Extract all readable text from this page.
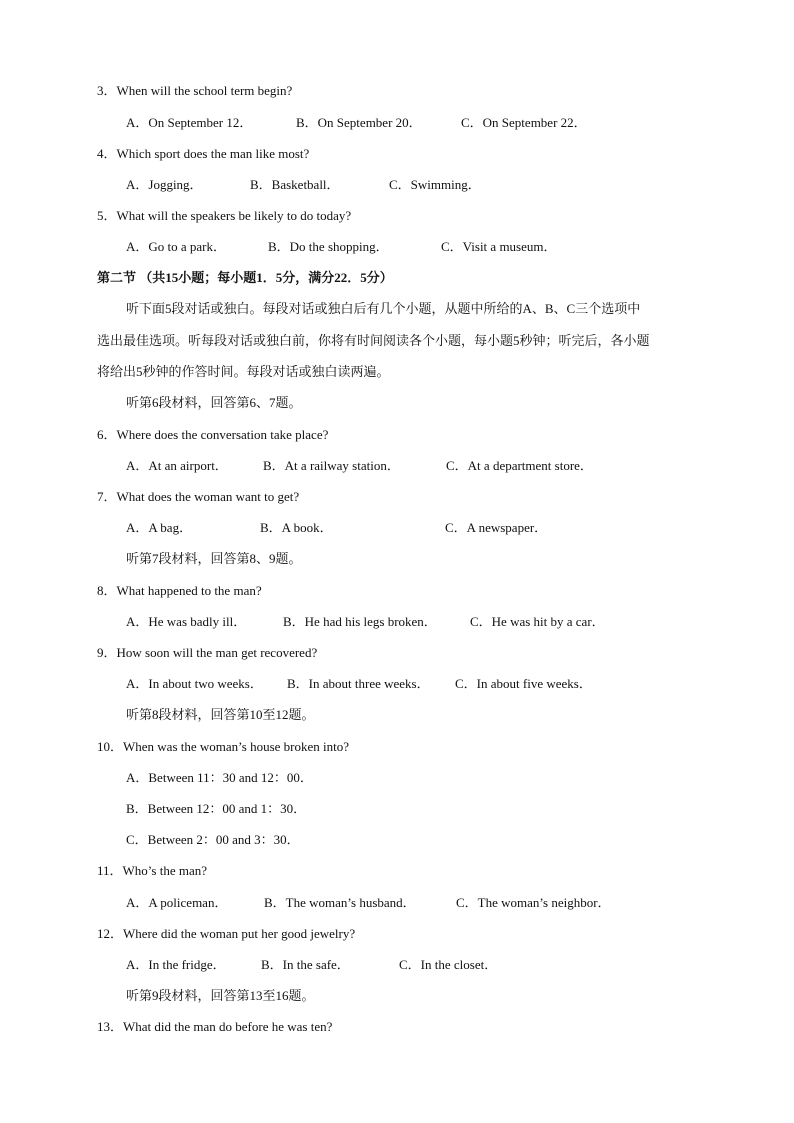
3．When will the school term begin?
A．On September 12．	B．On September 20．	C．On September 22．
4．Which sport does the man like most?
A．Jogging．	B．Basketball．	C．Swimming．
5．What will the speakers be likely to do today?
A．Go to a park．	B．Do the shopping．	C．Visit a museum．
第二节 （共15小题；每小题1．5分，满分22．5分）
听下面5段对话或独白。每段对话或独白后有几个小题，从题中所给的A、B、C三个选项中
选出最佳选项。听每段对话或独白前，你将有时间阅读各个小题，每小题5秒钟；听完后，各小题
将给出5秒钟的作答时间。每段对话或独白读两遍。
听第6段材料，回答第6、7题。
6．Where does the conversation take place?
A．At an airport．	B．At a railway station．	C．At a department store．
7．What does the woman want to get?
A．A bag．	B．A book．	C．A newspaper．
听第7段材料，回答第8、9题。
8．What happened to the man?
A．He was badly ill．	B．He had his legs broken．	C．He was hit by a car．
9．How soon will the man get recovered?
A．In about two weeks． B．In about three weeks． C．In about five weeks．
听第8段材料，回答第10至12题。
10．When was the woman’s house broken into?
A．Between 11：30 and 12：00．
B．Between 12：00 and 1：30．
C．Between 2：00 and 3：30．
11．Who’s the man?
A．A policeman．	B．The woman’s husband．	C．The woman’s neighbor．
12．Where did the woman put her good jewelry?
A．In the fridge．	B．In the safe．	C．In the closet．
听第9段材料，回答第13至16题。
13．What did the man do before he was ten?
